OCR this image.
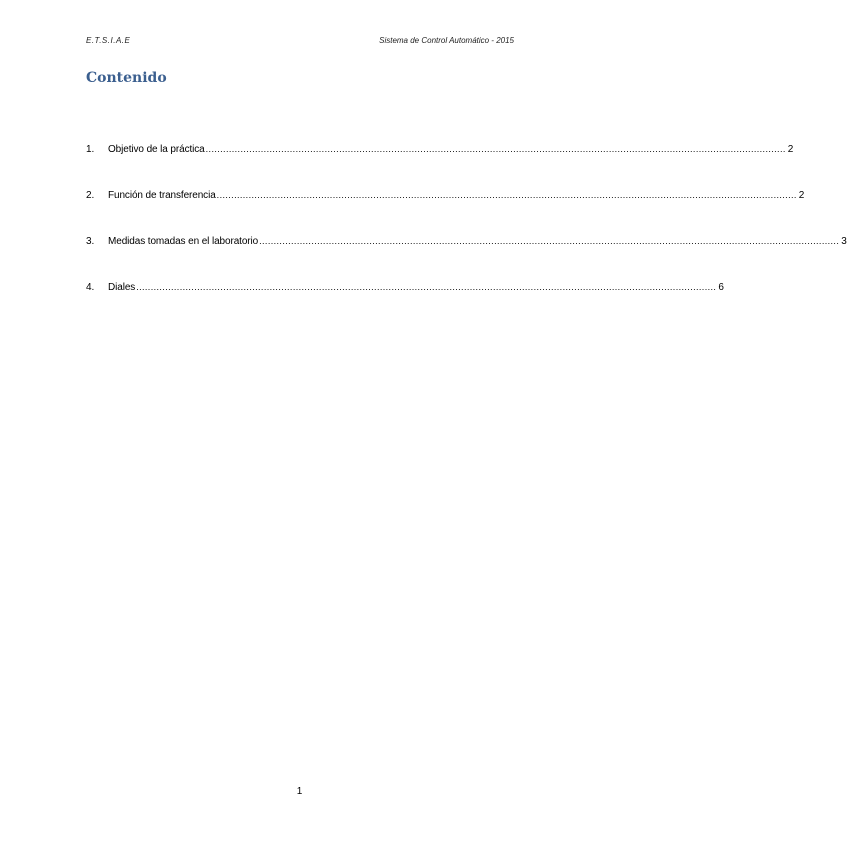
E.T.S.I.A.E	Sistema de Control Automático - 2015
Contenido
1.	Objetivo de la práctica ........................................................................................................................................................................................................ 2
2.	Función de transferencia ........................................................................................................................................................................................................ 2
3.	Medidas tomadas en el laboratorio ........................................................................................................................................................................................................ 3
4.	Diales ........................................................................................................................................................................................................ 6
1
